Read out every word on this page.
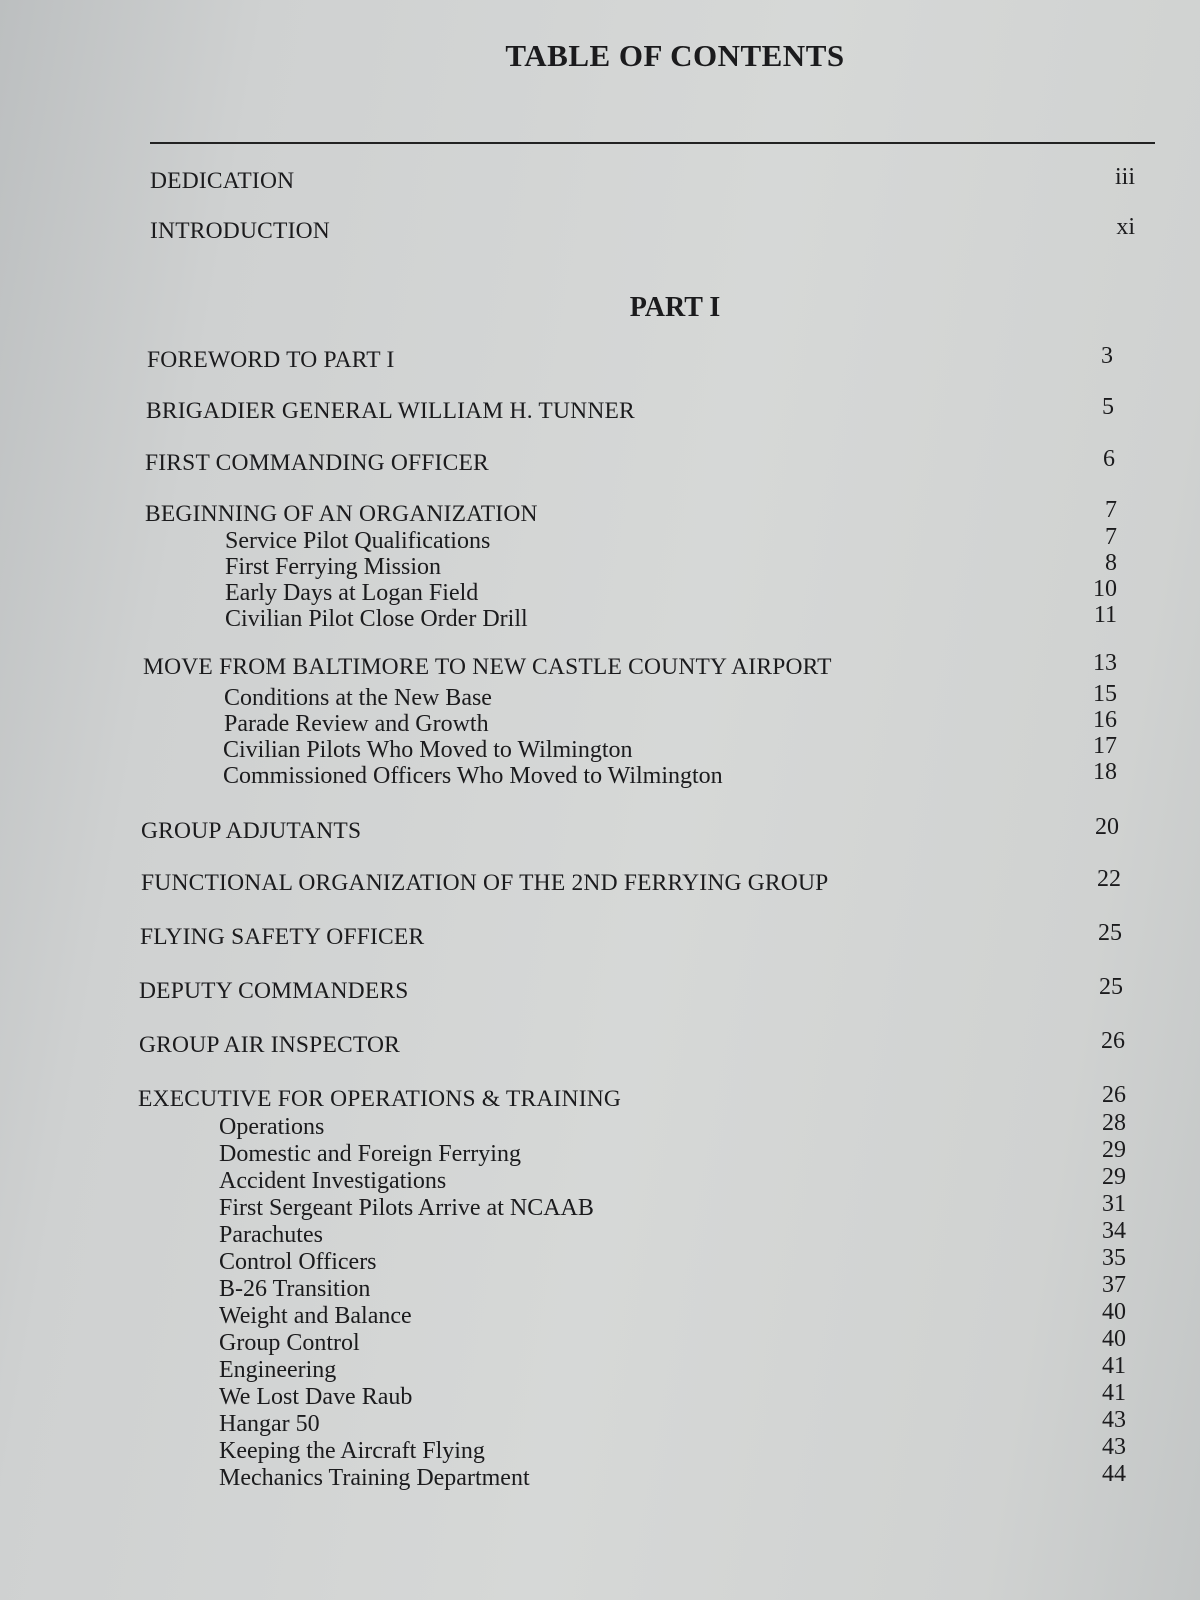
TABLE OF CONTENTS
DEDICATION	iii
INTRODUCTION	xi
PART I
FOREWORD TO PART I	3
BRIGADIER GENERAL WILLIAM H. TUNNER	5
FIRST COMMANDING OFFICER	6
BEGINNING OF AN ORGANIZATION	7
Service Pilot Qualifications	7
First Ferrying Mission	8
Early Days at Logan Field	10
Civilian Pilot Close Order Drill	11
MOVE FROM BALTIMORE TO NEW CASTLE COUNTY AIRPORT	13
Conditions at the New Base	15
Parade Review and Growth	16
Civilian Pilots Who Moved to Wilmington	17
Commissioned Officers Who Moved to Wilmington	18
GROUP ADJUTANTS	20
FUNCTIONAL ORGANIZATION OF THE 2ND FERRYING GROUP	22
FLYING SAFETY OFFICER	25
DEPUTY COMMANDERS	25
GROUP AIR INSPECTOR	26
EXECUTIVE FOR OPERATIONS & TRAINING	26
Operations	28
Domestic and Foreign Ferrying	29
Accident Investigations	29
First Sergeant Pilots Arrive at NCAAB	31
Parachutes	34
Control Officers	35
B-26 Transition	37
Weight and Balance	40
Group Control	40
Engineering	41
We Lost Dave Raub	41
Hangar 50	43
Keeping the Aircraft Flying	43
Mechanics Training Department	44
